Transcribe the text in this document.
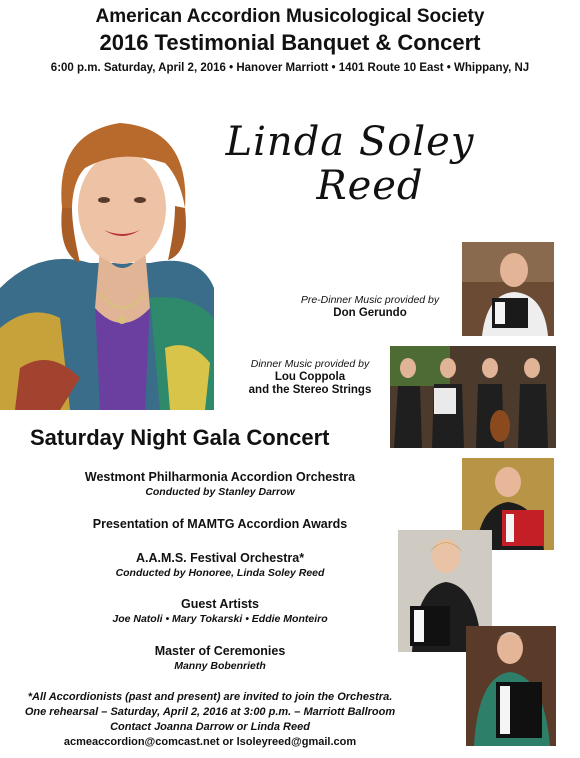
American Accordion Musicological Society
2016 Testimonial Banquet & Concert
6:00 p.m. Saturday, April 2, 2016 • Hanover Marriott • 1401 Route 10 East • Whippany, NJ
Linda Soley
Reed
Pre-Dinner Music provided by
Don Gerundo
Dinner Music provided by
Lou Coppola
and the Stereo Strings
Saturday Night Gala Concert
Westmont Philharmonia Accordion Orchestra
Conducted by Stanley Darrow
Presentation of MAMTG Accordion Awards
A.A.M.S. Festival Orchestra*
Conducted by Honoree, Linda Soley Reed
Guest Artists
Joe Natoli • Mary Tokarski • Eddie Monteiro
Master of Ceremonies
Manny Bobenrieth
*All Accordionists (past and present) are invited to join the Orchestra.
One rehearsal – Saturday, April 2, 2016 at 3:00 p.m. – Marriott Ballroom
Contact Joanna Darrow or Linda Reed
acmeaccordion@comcast.net or lsoleyreed@gmail.com
